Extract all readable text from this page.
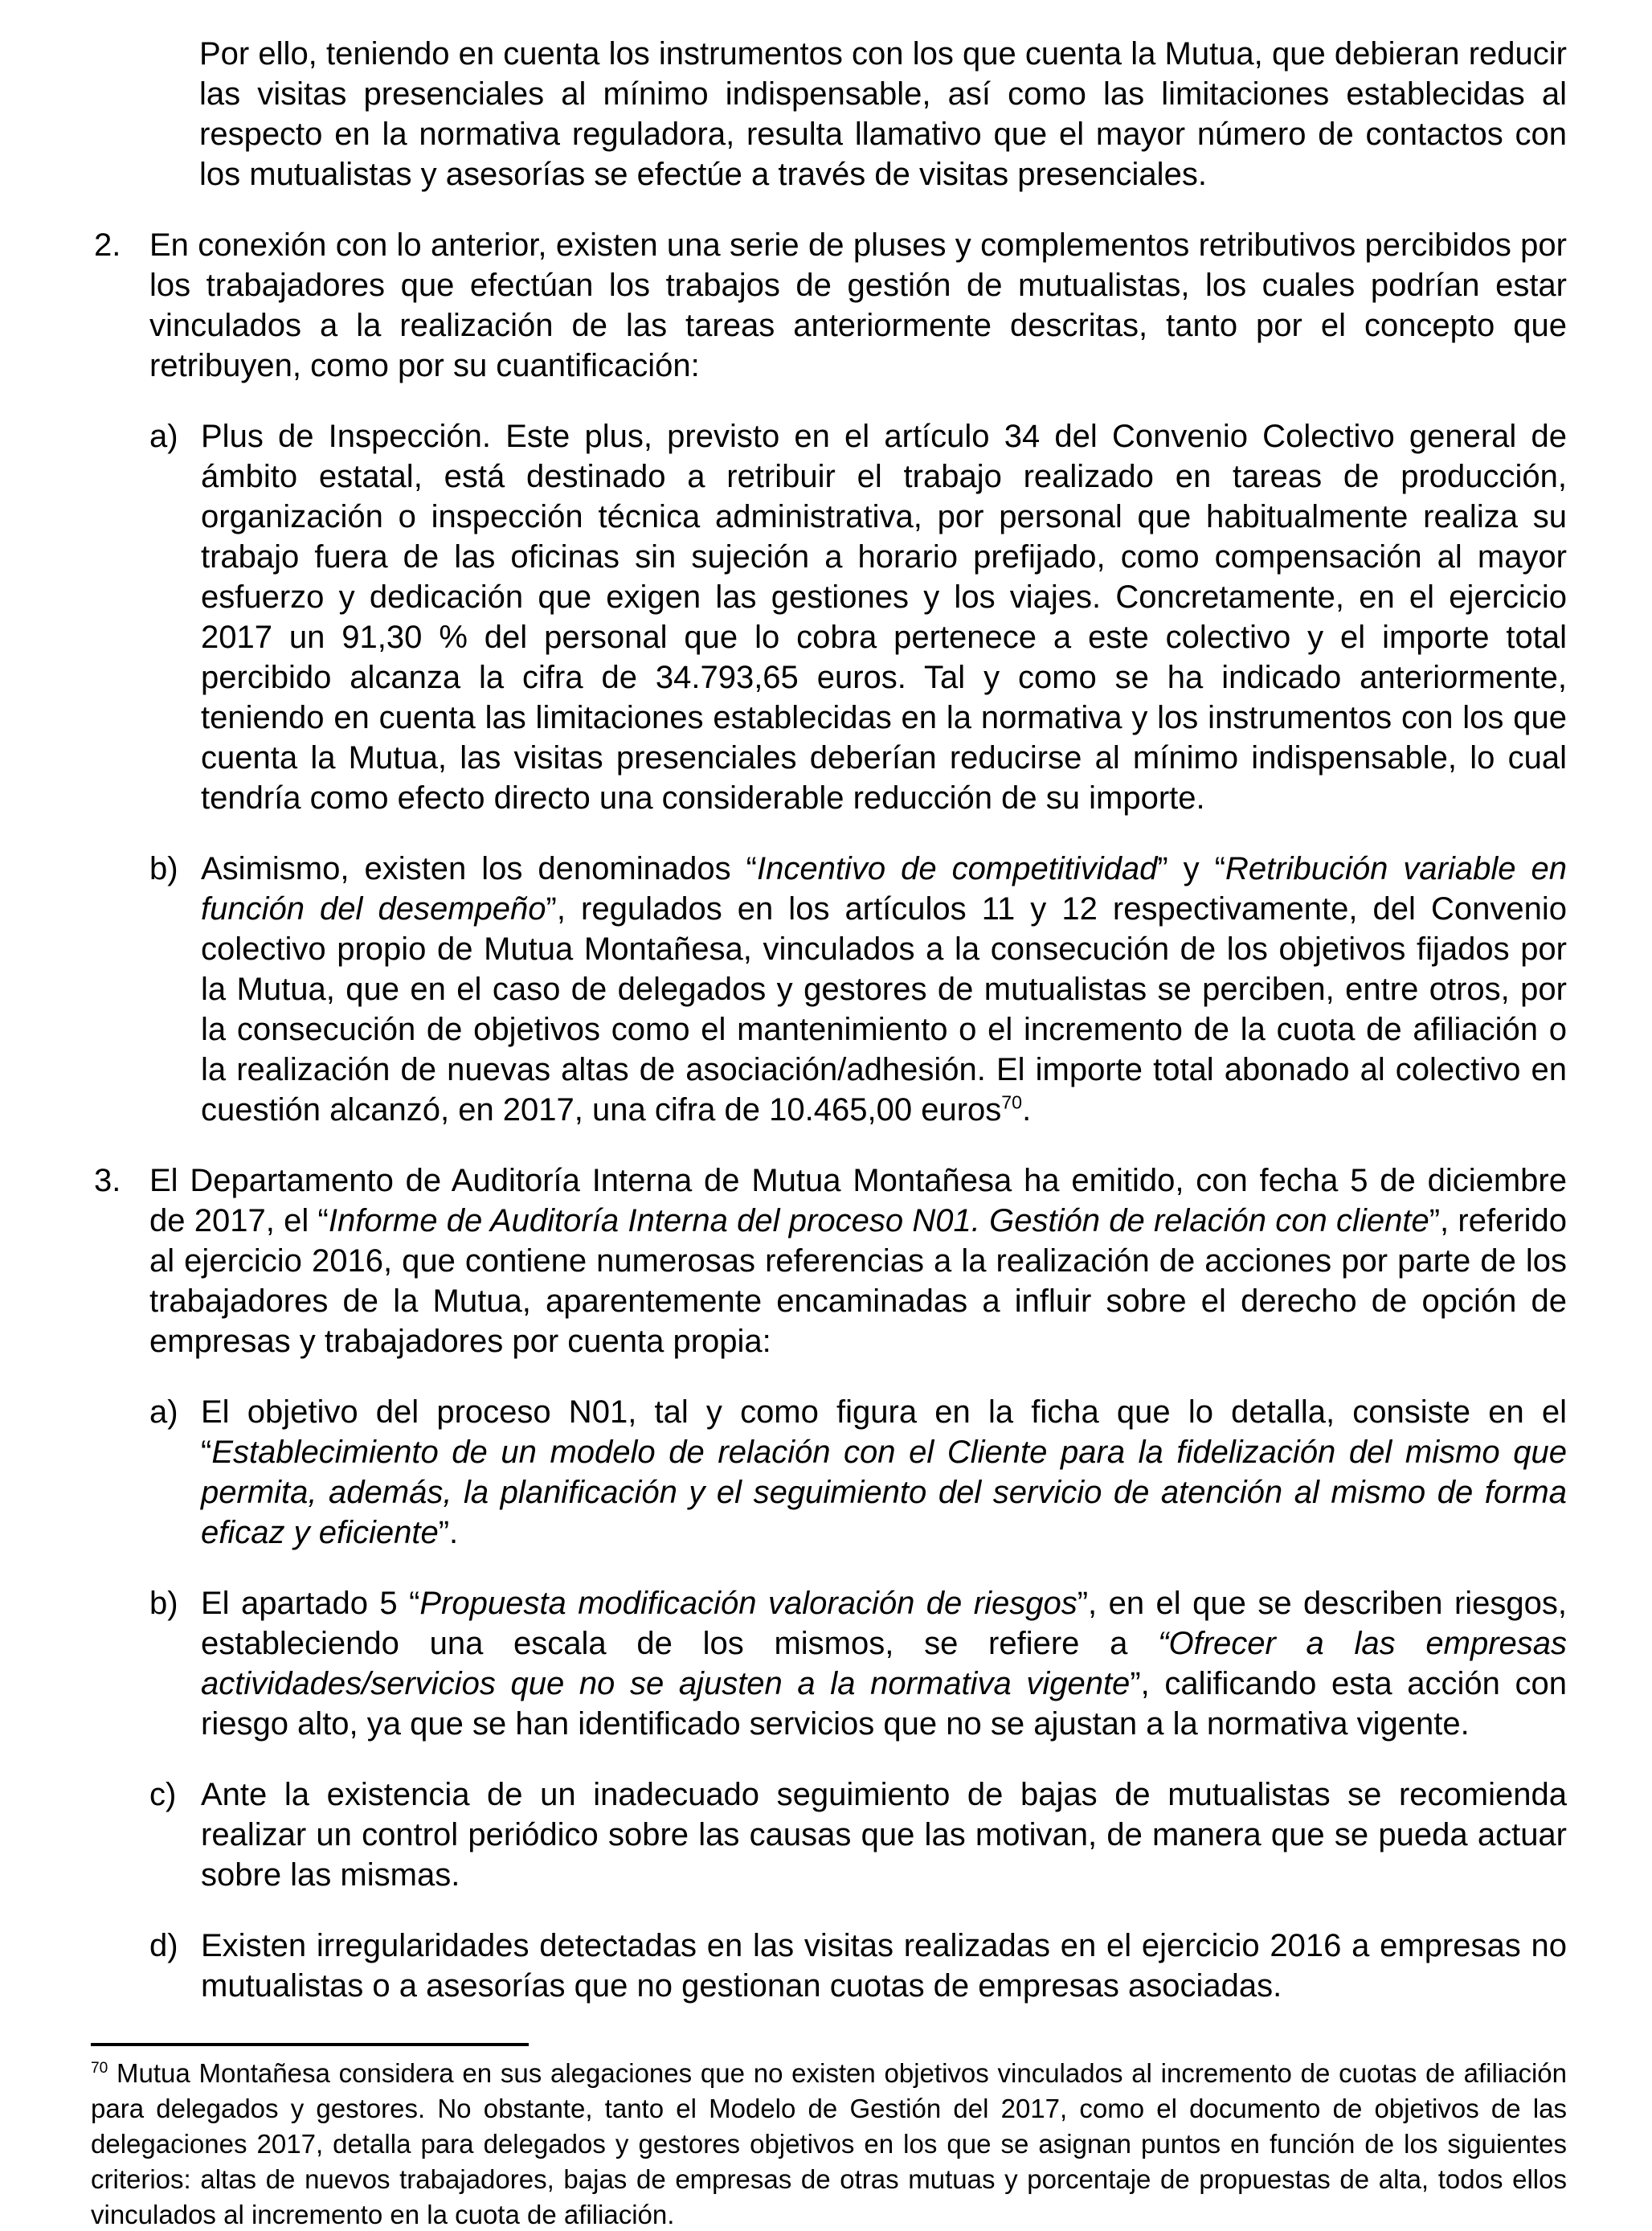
Por ello, teniendo en cuenta los instrumentos con los que cuenta la Mutua, que debieran reducir las visitas presenciales al mínimo indispensable, así como las limitaciones establecidas al respecto en la normativa reguladora, resulta llamativo que el mayor número de contactos con los mutualistas y asesorías se efectúe a través de visitas presenciales.

2. En conexión con lo anterior, existen una serie de pluses y complementos retributivos percibidos por los trabajadores que efectúan los trabajos de gestión de mutualistas, los cuales podrían estar vinculados a la realización de las tareas anteriormente descritas, tanto por el concepto que retribuyen, como por su cuantificación:

a) Plus de Inspección. Este plus, previsto en el artículo 34 del Convenio Colectivo general de ámbito estatal, está destinado a retribuir el trabajo realizado en tareas de producción, organización o inspección técnica administrativa, por personal que habitualmente realiza su trabajo fuera de las oficinas sin sujeción a horario prefijado, como compensación al mayor esfuerzo y dedicación que exigen las gestiones y los viajes. Concretamente, en el ejercicio 2017 un 91,30 % del personal que lo cobra pertenece a este colectivo y el importe total percibido alcanza la cifra de 34.793,65 euros. Tal y como se ha indicado anteriormente, teniendo en cuenta las limitaciones establecidas en la normativa y los instrumentos con los que cuenta la Mutua, las visitas presenciales deberían reducirse al mínimo indispensable, lo cual tendría como efecto directo una considerable reducción de su importe.

b) Asimismo, existen los denominados “Incentivo de competitividad” y “Retribución variable en función del desempeño”, regulados en los artículos 11 y 12 respectivamente, del Convenio colectivo propio de Mutua Montañesa, vinculados a la consecución de los objetivos fijados por la Mutua, que en el caso de delegados y gestores de mutualistas se perciben, entre otros, por la consecución de objetivos como el mantenimiento o el incremento de la cuota de afiliación o la realización de nuevas altas de asociación/adhesión. El importe total abonado al colectivo en cuestión alcanzó, en 2017, una cifra de 10.465,00 euros$^{70}$.

3. El Departamento de Auditoría Interna de Mutua Montañesa ha emitido, con fecha 5 de diciembre de 2017, el “Informe de Auditoría Interna del proceso N01. Gestión de relación con cliente”, referido al ejercicio 2016, que contiene numerosas referencias a la realización de acciones por parte de los trabajadores de la Mutua, aparentemente encaminadas a influir sobre el derecho de opción de empresas y trabajadores por cuenta propia:

a) El objetivo del proceso N01, tal y como figura en la ficha que lo detalla, consiste en el “Establecimiento de un modelo de relación con el Cliente para la fidelización del mismo que permita, además, la planificación y el seguimiento del servicio de atención al mismo de forma eficaz y eficiente”.

b) El apartado 5 “Propuesta modificación valoración de riesgos”, en el que se describen riesgos, estableciendo una escala de los mismos, se refiere a “Ofrecer a las empresas actividades/servicios que no se ajusten a la normativa vigente”, calificando esta acción con riesgo alto, ya que se han identificado servicios que no se ajustan a la normativa vigente.

c) Ante la existencia de un inadecuado seguimiento de bajas de mutualistas se recomienda realizar un control periódico sobre las causas que las motivan, de manera que se pueda actuar sobre las mismas.

d) Existen irregularidades detectadas en las visitas realizadas en el ejercicio 2016 a empresas no mutualistas o a asesorías que no gestionan cuotas de empresas asociadas.

$^{70}$ Mutua Montañesa considera en sus alegaciones que no existen objetivos vinculados al incremento de cuotas de afiliación para delegados y gestores. No obstante, tanto el Modelo de Gestión del 2017, como el documento de objetivos de las delegaciones 2017, detalla para delegados y gestores objetivos en los que se asignan puntos en función de los siguientes criterios: altas de nuevos trabajadores, bajas de empresas de otras mutuas y porcentaje de propuestas de alta, todos ellos vinculados al incremento en la cuota de afiliación.
